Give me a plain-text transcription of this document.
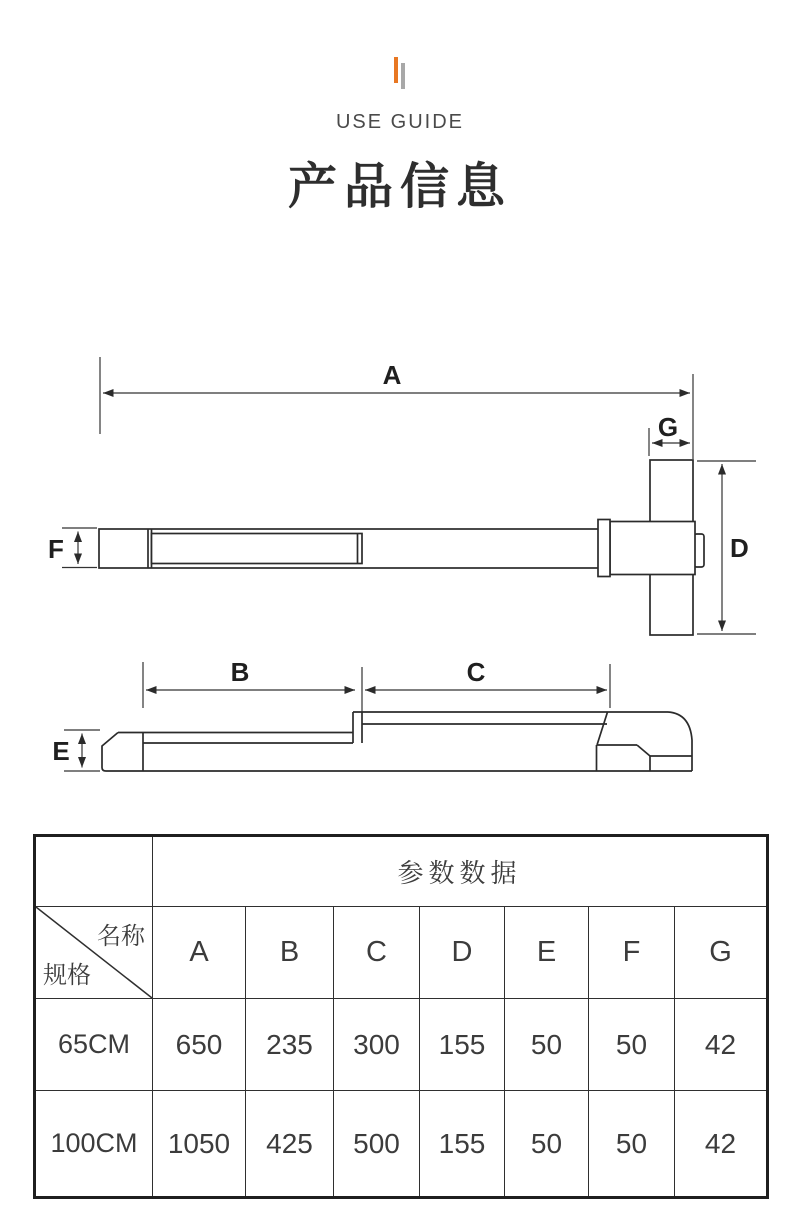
USE GUIDE
产品信息
A
G
D
F
B	C
E
	参数数据						

名称
规格	A	B	C	D	E	F	G
65CM	650	235	300	155	50	50	42
100CM	1050	425	500	155	50	50	42
